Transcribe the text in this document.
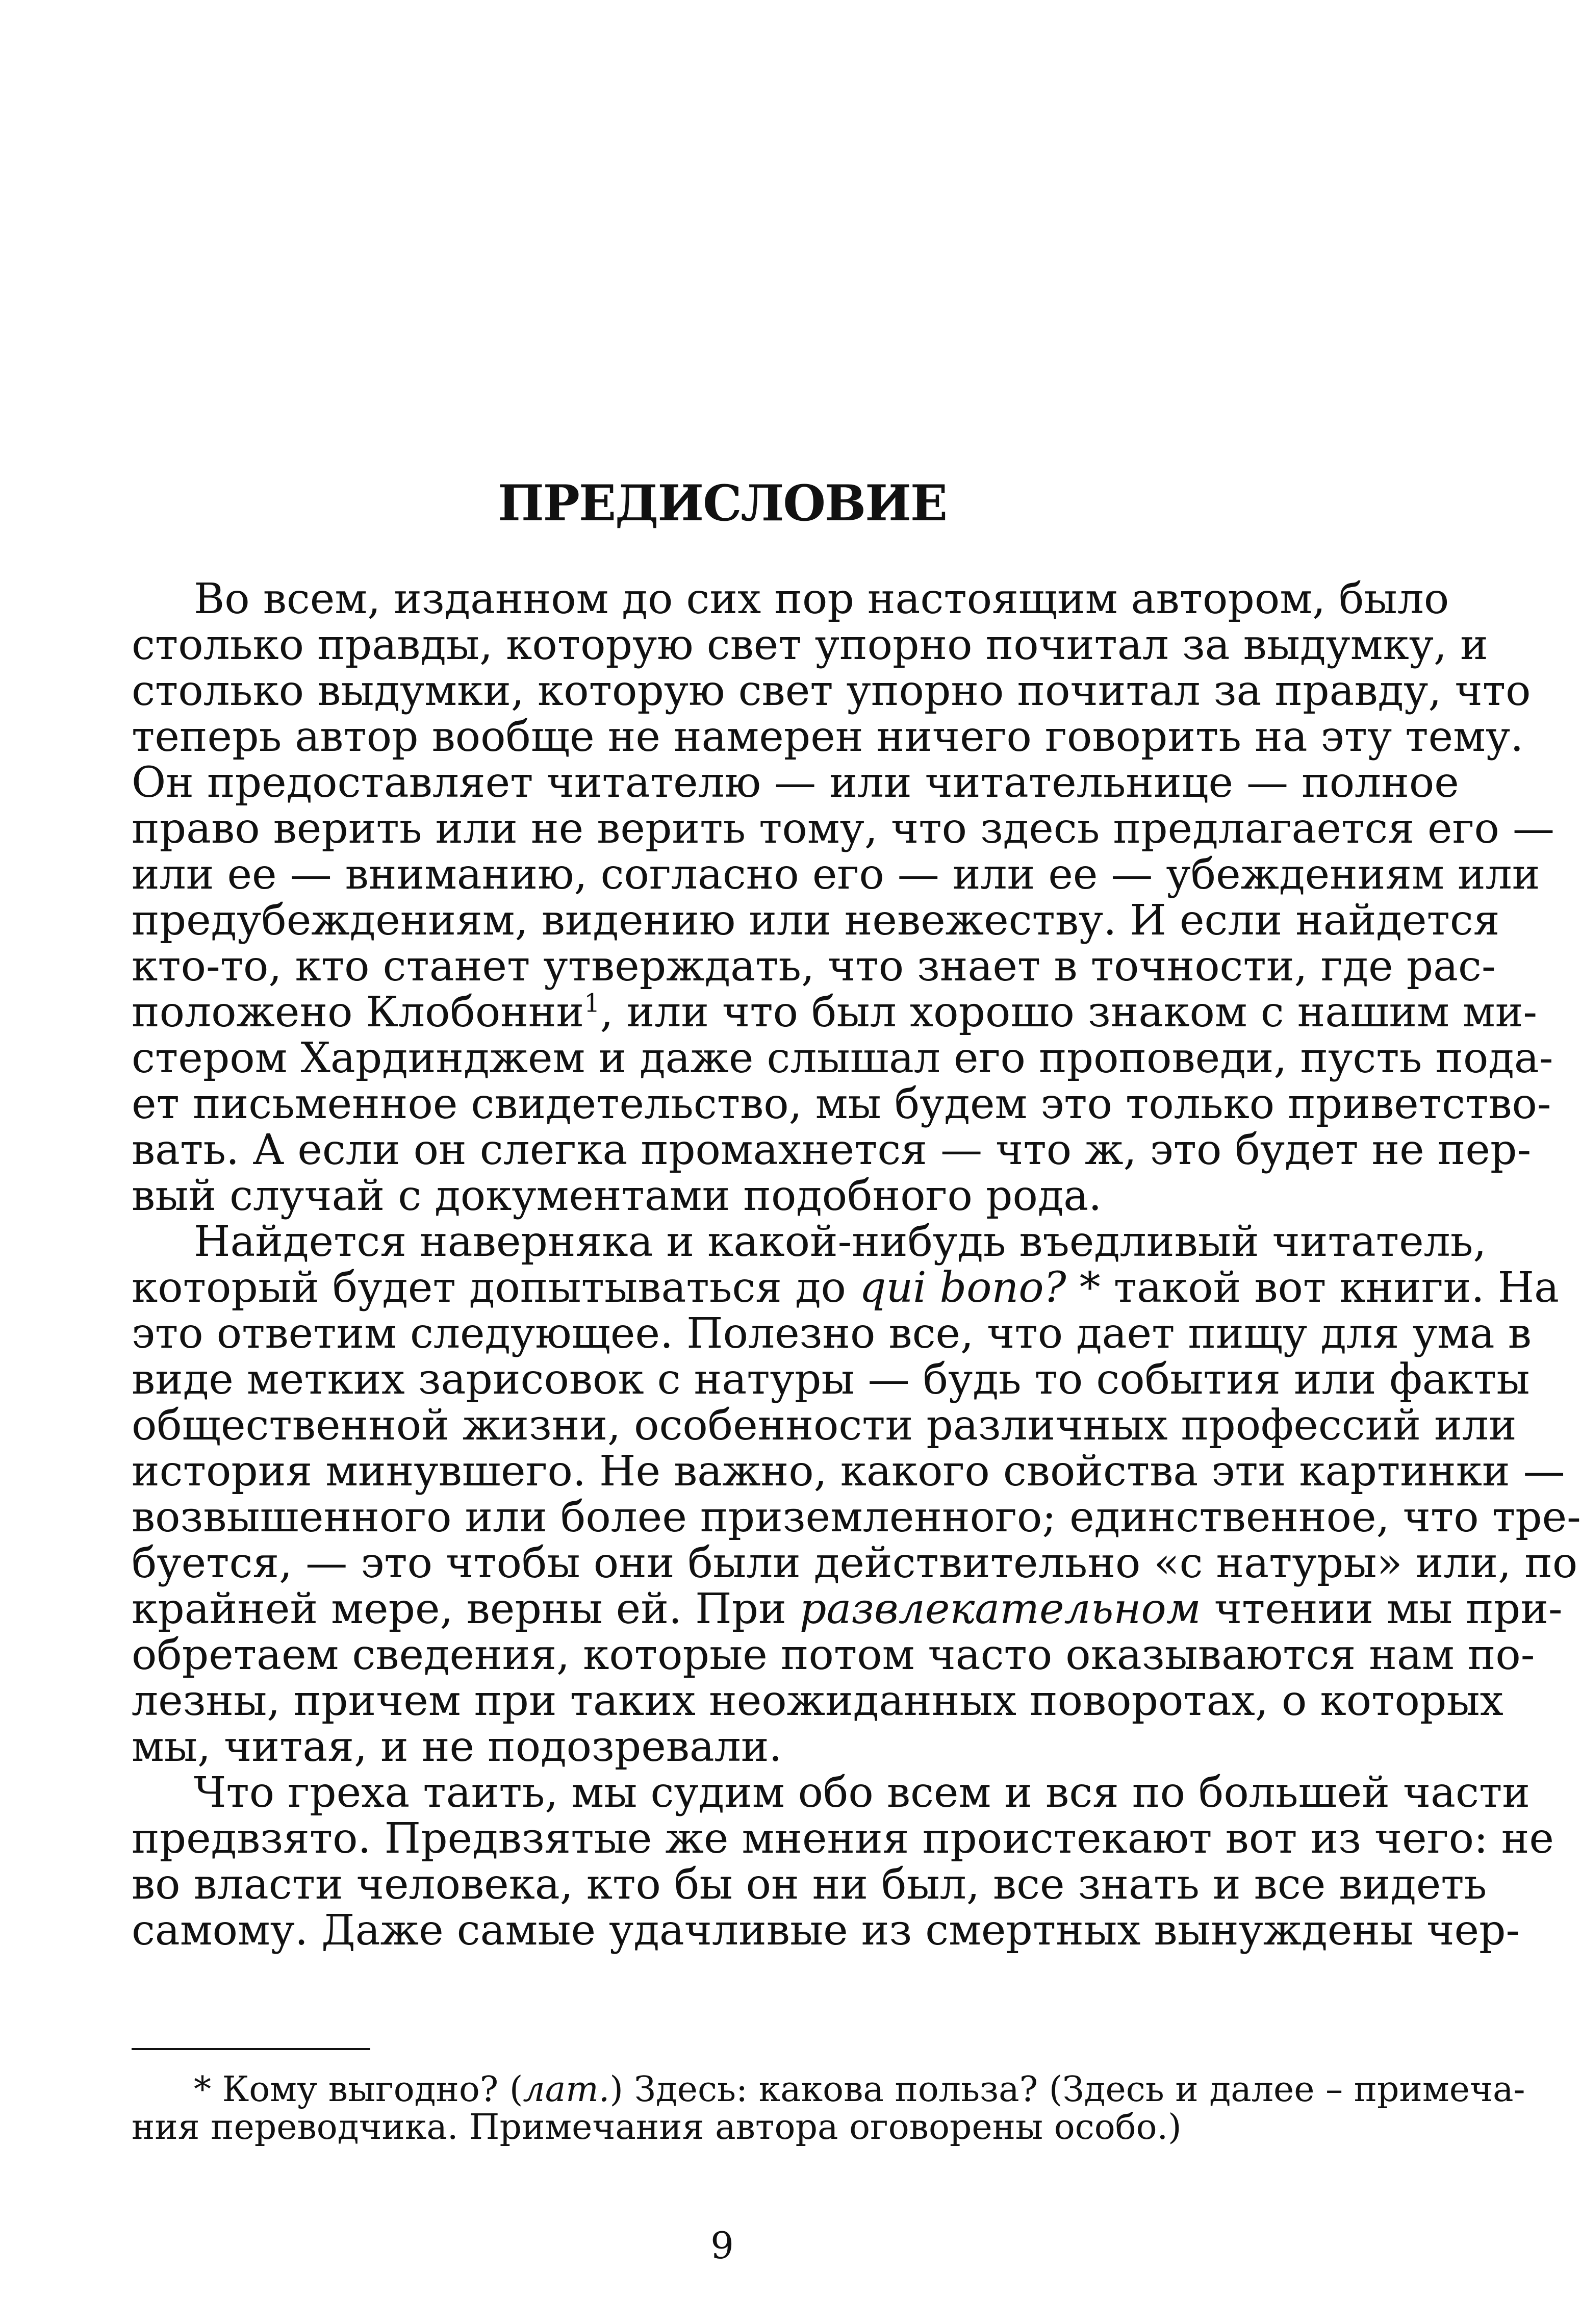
ПРЕДИСЛОВИЕ
Во всем, изданном до сих пор настоящим автором, было
столько правды, которую свет упорно почитал за выдумку, и
столько выдумки, которую свет упорно почитал за правду, что
теперь автор вообще не намерен ничего говорить на эту тему.
Он предоставляет читателю — или читательнице — полное
право верить или не верить тому, что здесь предлагается его —
или ее — вниманию, согласно его — или ее — убеждениям или
предубеждениям, видению или невежеству. И если найдется
кто-то, кто станет утверждать, что знает в точности, где рас-
положено Клобонни$^1$, или что был хорошо знаком с нашим ми-
стером Хардинджем и даже слышал его проповеди, пусть пода-
ет письменное свидетельство, мы будем это только приветство-
вать. А если он слегка промахнется — что ж, это будет не пер-
вый случай с документами подобного рода.
Найдется наверняка и какой-нибудь въедливый читатель,
который будет допытываться до qui bono? * такой вот книги. На
это ответим следующее. Полезно все, что дает пищу для ума в
виде метких зарисовок с натуры — будь то события или факты
общественной жизни, особенности различных профессий или
история минувшего. Не важно, какого свойства эти картинки —
возвышенного или более приземленного; единственное, что тре-
буется, — это чтобы они были действительно «с натуры» или, по
крайней мере, верны ей. При развлекательном чтении мы при-
обретаем сведения, которые потом часто оказываются нам по-
лезны, причем при таких неожиданных поворотах, о которых
мы, читая, и не подозревали.
Что греха таить, мы судим обо всем и вся по большей части
предвзято. Предвзятые же мнения проистекают вот из чего: не
во власти человека, кто бы он ни был, все знать и все видеть
самому. Даже самые удачливые из смертных вынуждены чер-
* Кому выгодно? (лат.) Здесь: какова польза? (Здесь и далее – примеча-
ния переводчика. Примечания автора оговорены особо.)
9
